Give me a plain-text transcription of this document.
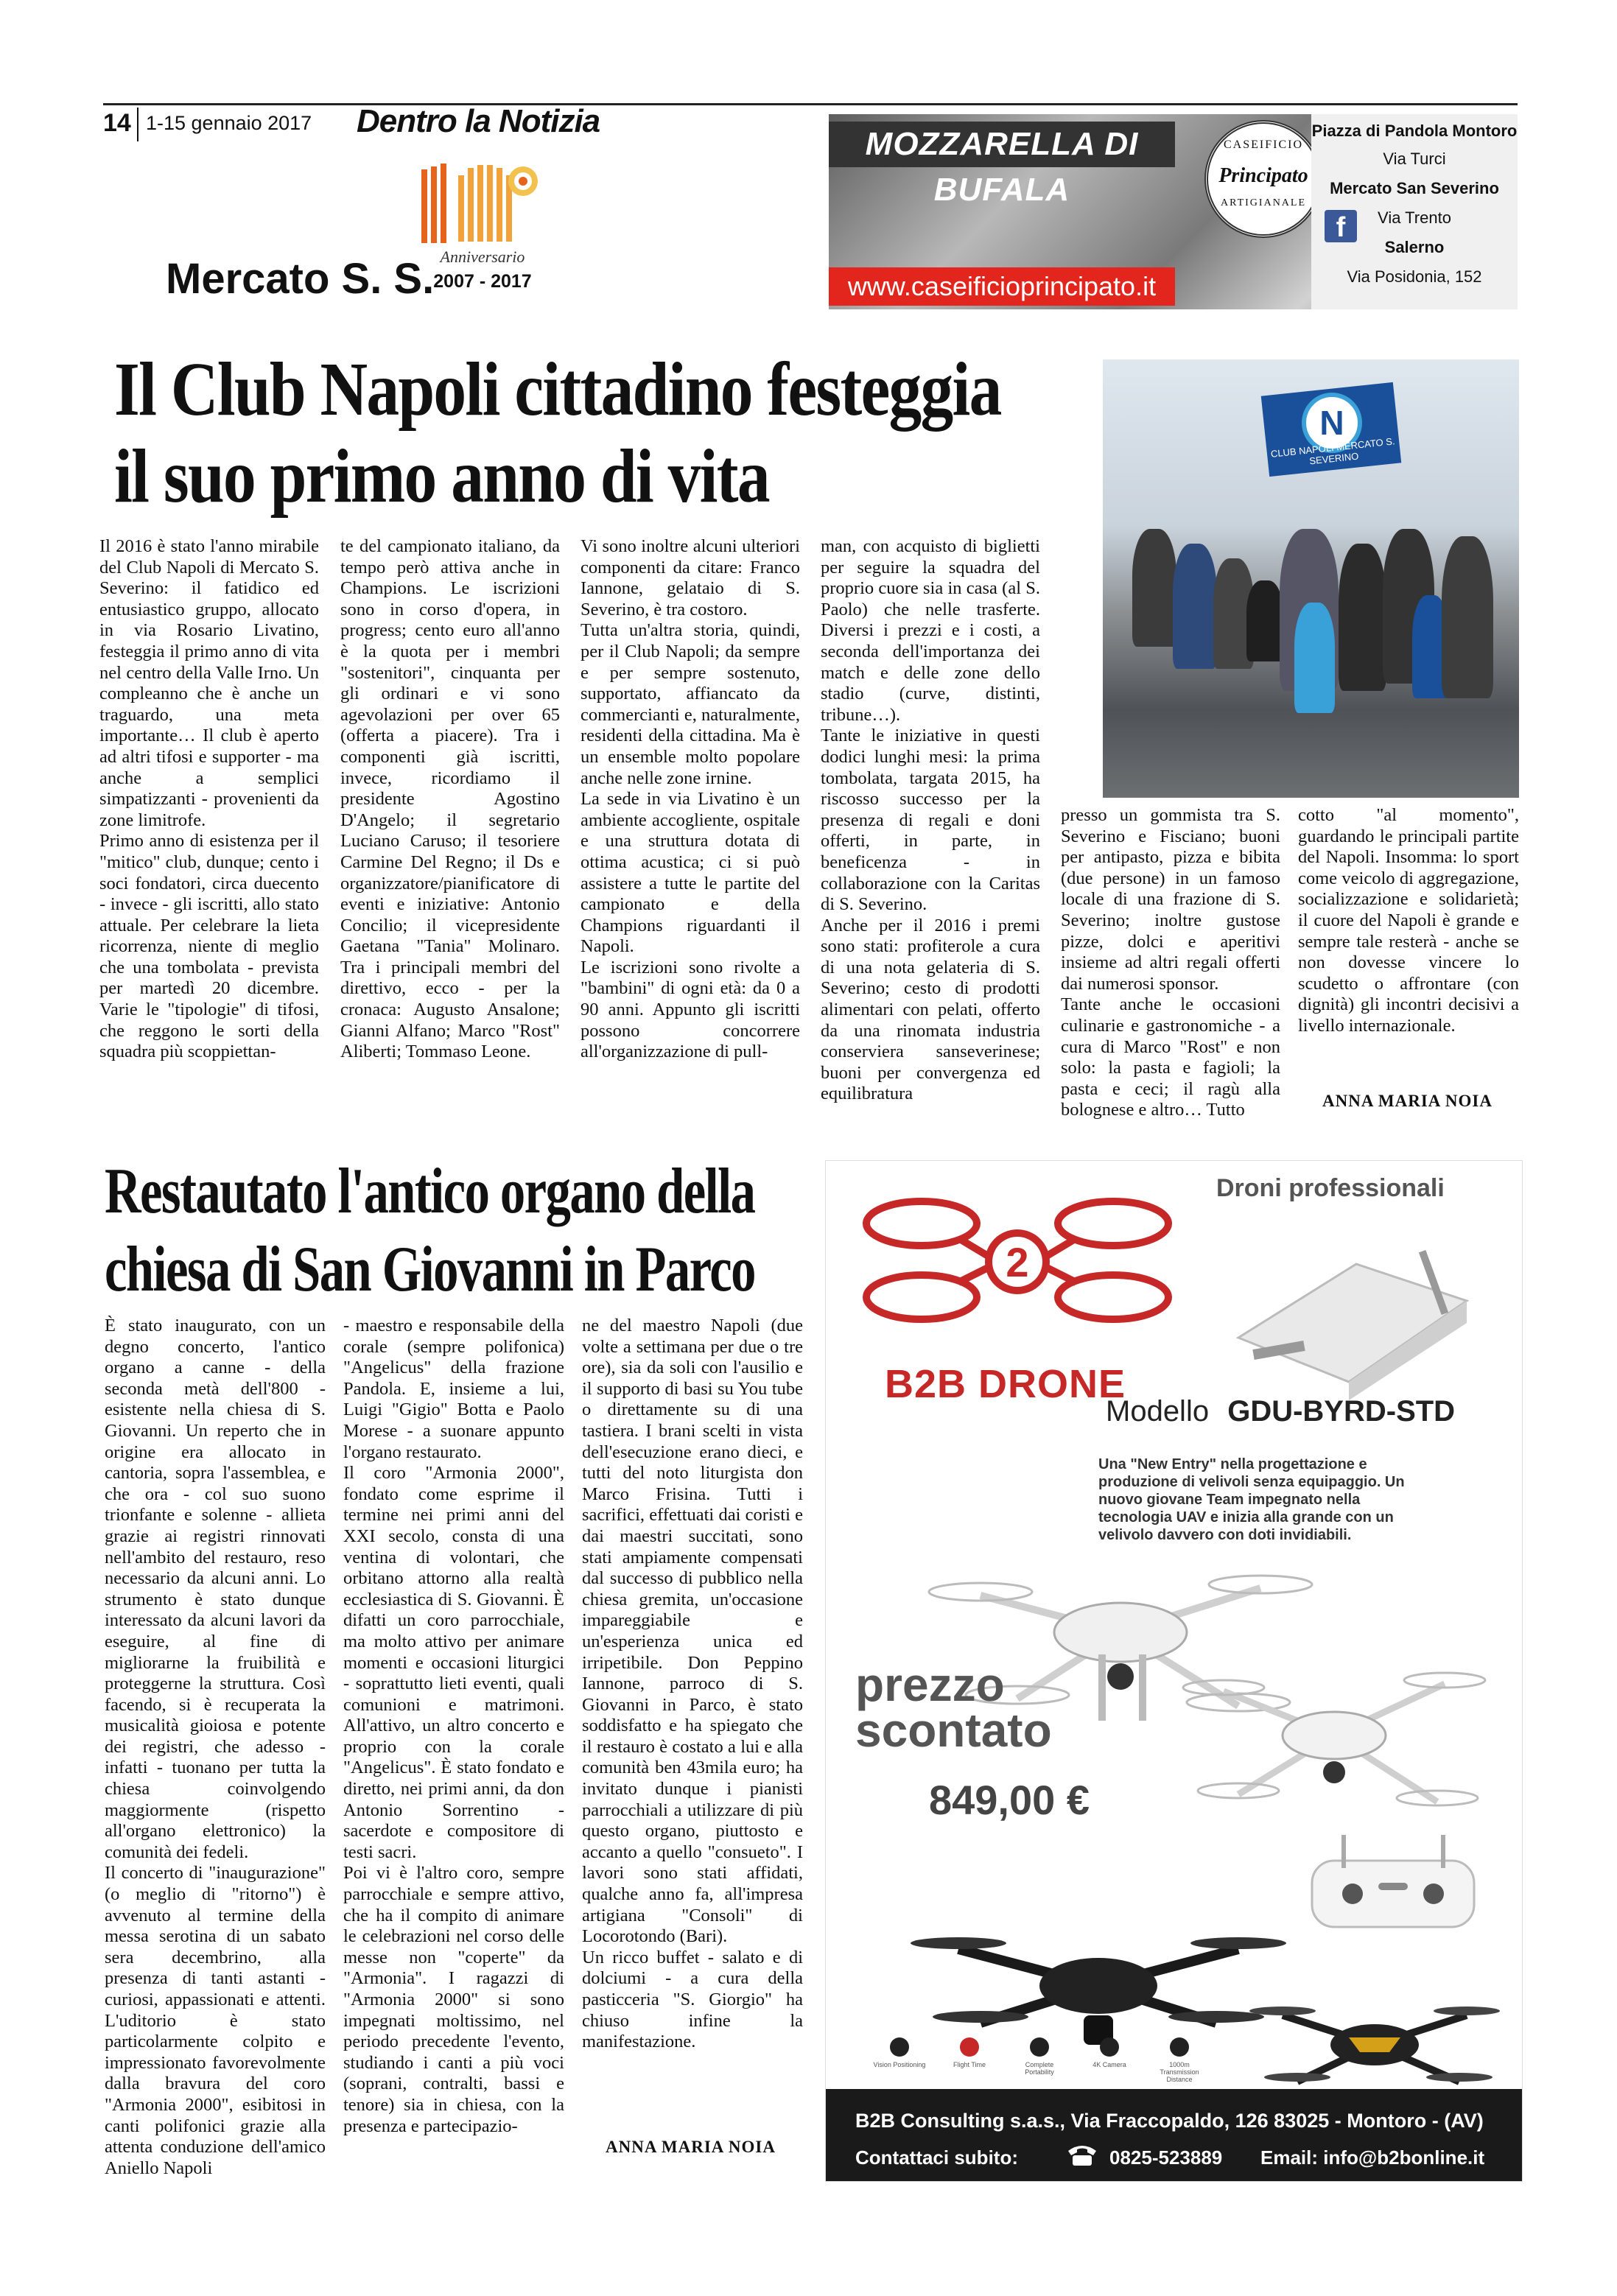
14 1-15 gennaio 2017 Dentro la Notizia
Anniversario
2007 - 2017
Mercato S. S.
MOZZARELLA DI BUFALA
CASEIFICIO
Principato
ARTIGIANALE
www.caseificioprincipato.it
Piazza di Pandola Montoro
Via Turci
Mercato San Severino
Via Trento
Salerno
Via Posidonia, 152
f
Il Club Napoli cittadino festeggia
il suo primo anno di vita
Il 2016 è stato l'anno mirabile del Club Napoli di Mercato S. Severino: il fatidico ed entusiastico gruppo, allocato in via Rosario Livatino, festeggia il primo anno di vita nel centro della Valle Irno. Un compleanno che è anche un traguardo, una meta importante… Il club è aperto ad altri tifosi e supporter - ma anche a semplici simpatizzanti - provenienti da zone limitrofe.
Primo anno di esistenza per il "mitico" club, dunque; cento i soci fondatori, circa duecento - invece - gli iscritti, allo stato attuale. Per celebrare la lieta ricorrenza, niente di meglio che una tombolata - prevista per martedì 20 dicembre. Varie le "tipologie" di tifosi, che reggono le sorti della squadra più scoppiettan-
te del campionato italiano, da tempo però attiva anche in Champions. Le iscrizioni sono in corso d'opera, in progress; cento euro all'anno è la quota per i membri "sostenitori", cinquanta per gli ordinari e vi sono agevolazioni per over 65 (offerta a piacere). Tra i componenti già iscritti, invece, ricordiamo il presidente Agostino D'Angelo; il segretario Luciano Caruso; il tesoriere Carmine Del Regno; il Ds e organizzatore/pianificatore di eventi e iniziative: Antonio Concilio; il vicepresidente Gaetana "Tania" Molinaro. Tra i principali membri del direttivo, ecco - per la cronaca: Augusto Ansalone; Gianni Alfano; Marco "Rost" Aliberti; Tommaso Leone.
Vi sono inoltre alcuni ulteriori componenti da citare: Franco Iannone, gelataio di S. Severino, è tra costoro.
Tutta un'altra storia, quindi, per il Club Napoli; da sempre e per sempre sostenuto, supportato, affiancato da commercianti e, naturalmente, residenti della cittadina. Ma è un ensemble molto popolare anche nelle zone irnine.
La sede in via Livatino è un ambiente accogliente, ospitale e una struttura dotata di ottima acustica; ci si può assistere a tutte le partite del campionato e della Champions riguardanti il Napoli.
Le iscrizioni sono rivolte a "bambini" di ogni età: da 0 a 90 anni. Appunto gli iscritti possono concorrere all'organizzazione di pull-
man, con acquisto di biglietti per seguire la squadra del proprio cuore sia in casa (al S. Paolo) che nelle trasferte. Diversi i prezzi e i costi, a seconda dell'importanza dei match e delle zone dello stadio (curve, distinti, tribune…).
Tante le iniziative in questi dodici lunghi mesi: la prima tombolata, targata 2015, ha riscosso successo per la presenza di regali e doni offerti, in parte, in beneficenza - in collaborazione con la Caritas di S. Severino.
Anche per il 2016 i premi sono stati: profiterole a cura di una nota gelateria di S. Severino; cesto di prodotti alimentari con pelati, offerto da una rinomata industria conserviera sanseverinese; buoni per convergenza ed equilibratura
presso un gommista tra S. Severino e Fisciano; buoni per antipasto, pizza e bibita (due persone) in un famoso locale di una frazione di S. Severino; inoltre gustose pizze, dolci e aperitivi insieme ad altri regali offerti dai numerosi sponsor.
Tante anche le occasioni culinarie e gastronomiche - a cura di Marco "Rost" e non solo: la pasta e fagioli; la pasta e ceci; il ragù alla bolognese e altro… Tutto
cotto "al momento", guardando le principali partite del Napoli. Insomma: lo sport come veicolo di aggregazione, socializzazione e solidarietà; il cuore del Napoli è grande e sempre tale resterà - anche se non dovesse vincere lo scudetto o affrontare (con dignità) gli incontri decisivi a livello internazionale.
N
CLUB NAPOLI MERCATO S. SEVERINO
ANNA MARIA NOIA
Restautato l'antico organo della
chiesa di San Giovanni in Parco
È stato inaugurato, con un degno concerto, l'antico organo a canne - della seconda metà dell'800 - esistente nella chiesa di S. Giovanni. Un reperto che in origine era allocato in cantoria, sopra l'assemblea, e che ora - col suo suono trionfante e solenne - allieta grazie ai registri rinnovati nell'ambito del restauro, reso necessario da alcuni anni. Lo strumento è stato dunque interessato da alcuni lavori da eseguire, al fine di migliorarne la fruibilità e proteggerne la struttura. Così facendo, si è recuperata la musicalità gioiosa e potente dei registri, che adesso - infatti - tuonano per tutta la chiesa coinvolgendo maggiormente (rispetto all'organo elettronico) la comunità dei fedeli.
Il concerto di "inaugurazione" (o meglio di "ritorno") è avvenuto al termine della messa serotina di un sabato sera decembrino, alla presenza di tanti astanti - curiosi, appassionati e attenti. L'uditorio è stato particolarmente colpito e impressionato favorevolmente dalla bravura del coro "Armonia 2000", esibitosi in canti polifonici grazie alla attenta conduzione dell'amico Aniello Napoli
- maestro e responsabile della corale (sempre polifonica) "Angelicus" della frazione Pandola. E, insieme a lui, Luigi "Gigio" Botta e Paolo Morese - a suonare appunto l'organo restaurato.
Il coro "Armonia 2000", fondato come esprime il termine nei primi anni del XXI secolo, consta di una ventina di volontari, che orbitano attorno alla realtà ecclesiastica di S. Giovanni. È difatti un coro parrocchiale, ma molto attivo per animare momenti e occasioni liturgici - soprattutto lieti eventi, quali comunioni e matrimoni. All'attivo, un altro concerto e proprio con la corale "Angelicus". È stato fondato e diretto, nei primi anni, da don Antonio Sorrentino - sacerdote e compositore di testi sacri.
Poi vi è l'altro coro, sempre parrocchiale e sempre attivo, che ha il compito di animare le celebrazioni nel corso delle messe non "coperte" da "Armonia". I ragazzi di "Armonia 2000" si sono impegnati moltissimo, nel periodo precedente l'evento, studiando i canti a più voci (soprani, contralti, bassi e tenore) sia in chiesa, con la presenza e partecipazio-
ne del maestro Napoli (due volte a settimana per due o tre ore), sia da soli con l'ausilio e il supporto di basi su You tube o direttamente su di una tastiera. I brani scelti in vista dell'esecuzione erano dieci, e tutti del noto liturgista don Marco Frisina. Tutti i sacrifici, effettuati dai coristi e dai maestri succitati, sono stati ampiamente compensati dal successo di pubblico nella chiesa gremita, un'occasione impareggiabile e un'esperienza unica ed irripetibile. Don Peppino Iannone, parroco di S. Giovanni in Parco, è stato soddisfatto e ha spiegato che il restauro è costato a lui e alla comunità ben 43mila euro; ha invitato dunque i pianisti parrocchiali a utilizzare di più questo organo, piuttosto e accanto a quello "consueto". I lavori sono stati affidati, qualche anno fa, all'impresa artigiana "Consoli" di Locorotondo (Bari).
Un ricco buffet - salato e di dolciumi - a cura della pasticceria "S. Giorgio" ha chiuso infine la manifestazione.
ANNA MARIA NOIA
Droni professionali
2
B2B DRONE
Modello GDU-BYRD-STD
Una "New Entry" nella progettazione e produzione di velivoli senza equipaggio. Un nuovo giovane Team impegnato nella tecnologia UAV e inizia alla grande con un velivolo davvero con doti invidiabili.
prezzo
scontato
849,00 €
Vision Positioning	Flight Time	Complete Portability
4K Camera	1000m Transmission Distance
B2B Consulting s.a.s., Via Fraccopaldo, 126 83025 - Montoro - (AV)
Contattaci subito:	0825-523889 Email: info@b2bonline.it
